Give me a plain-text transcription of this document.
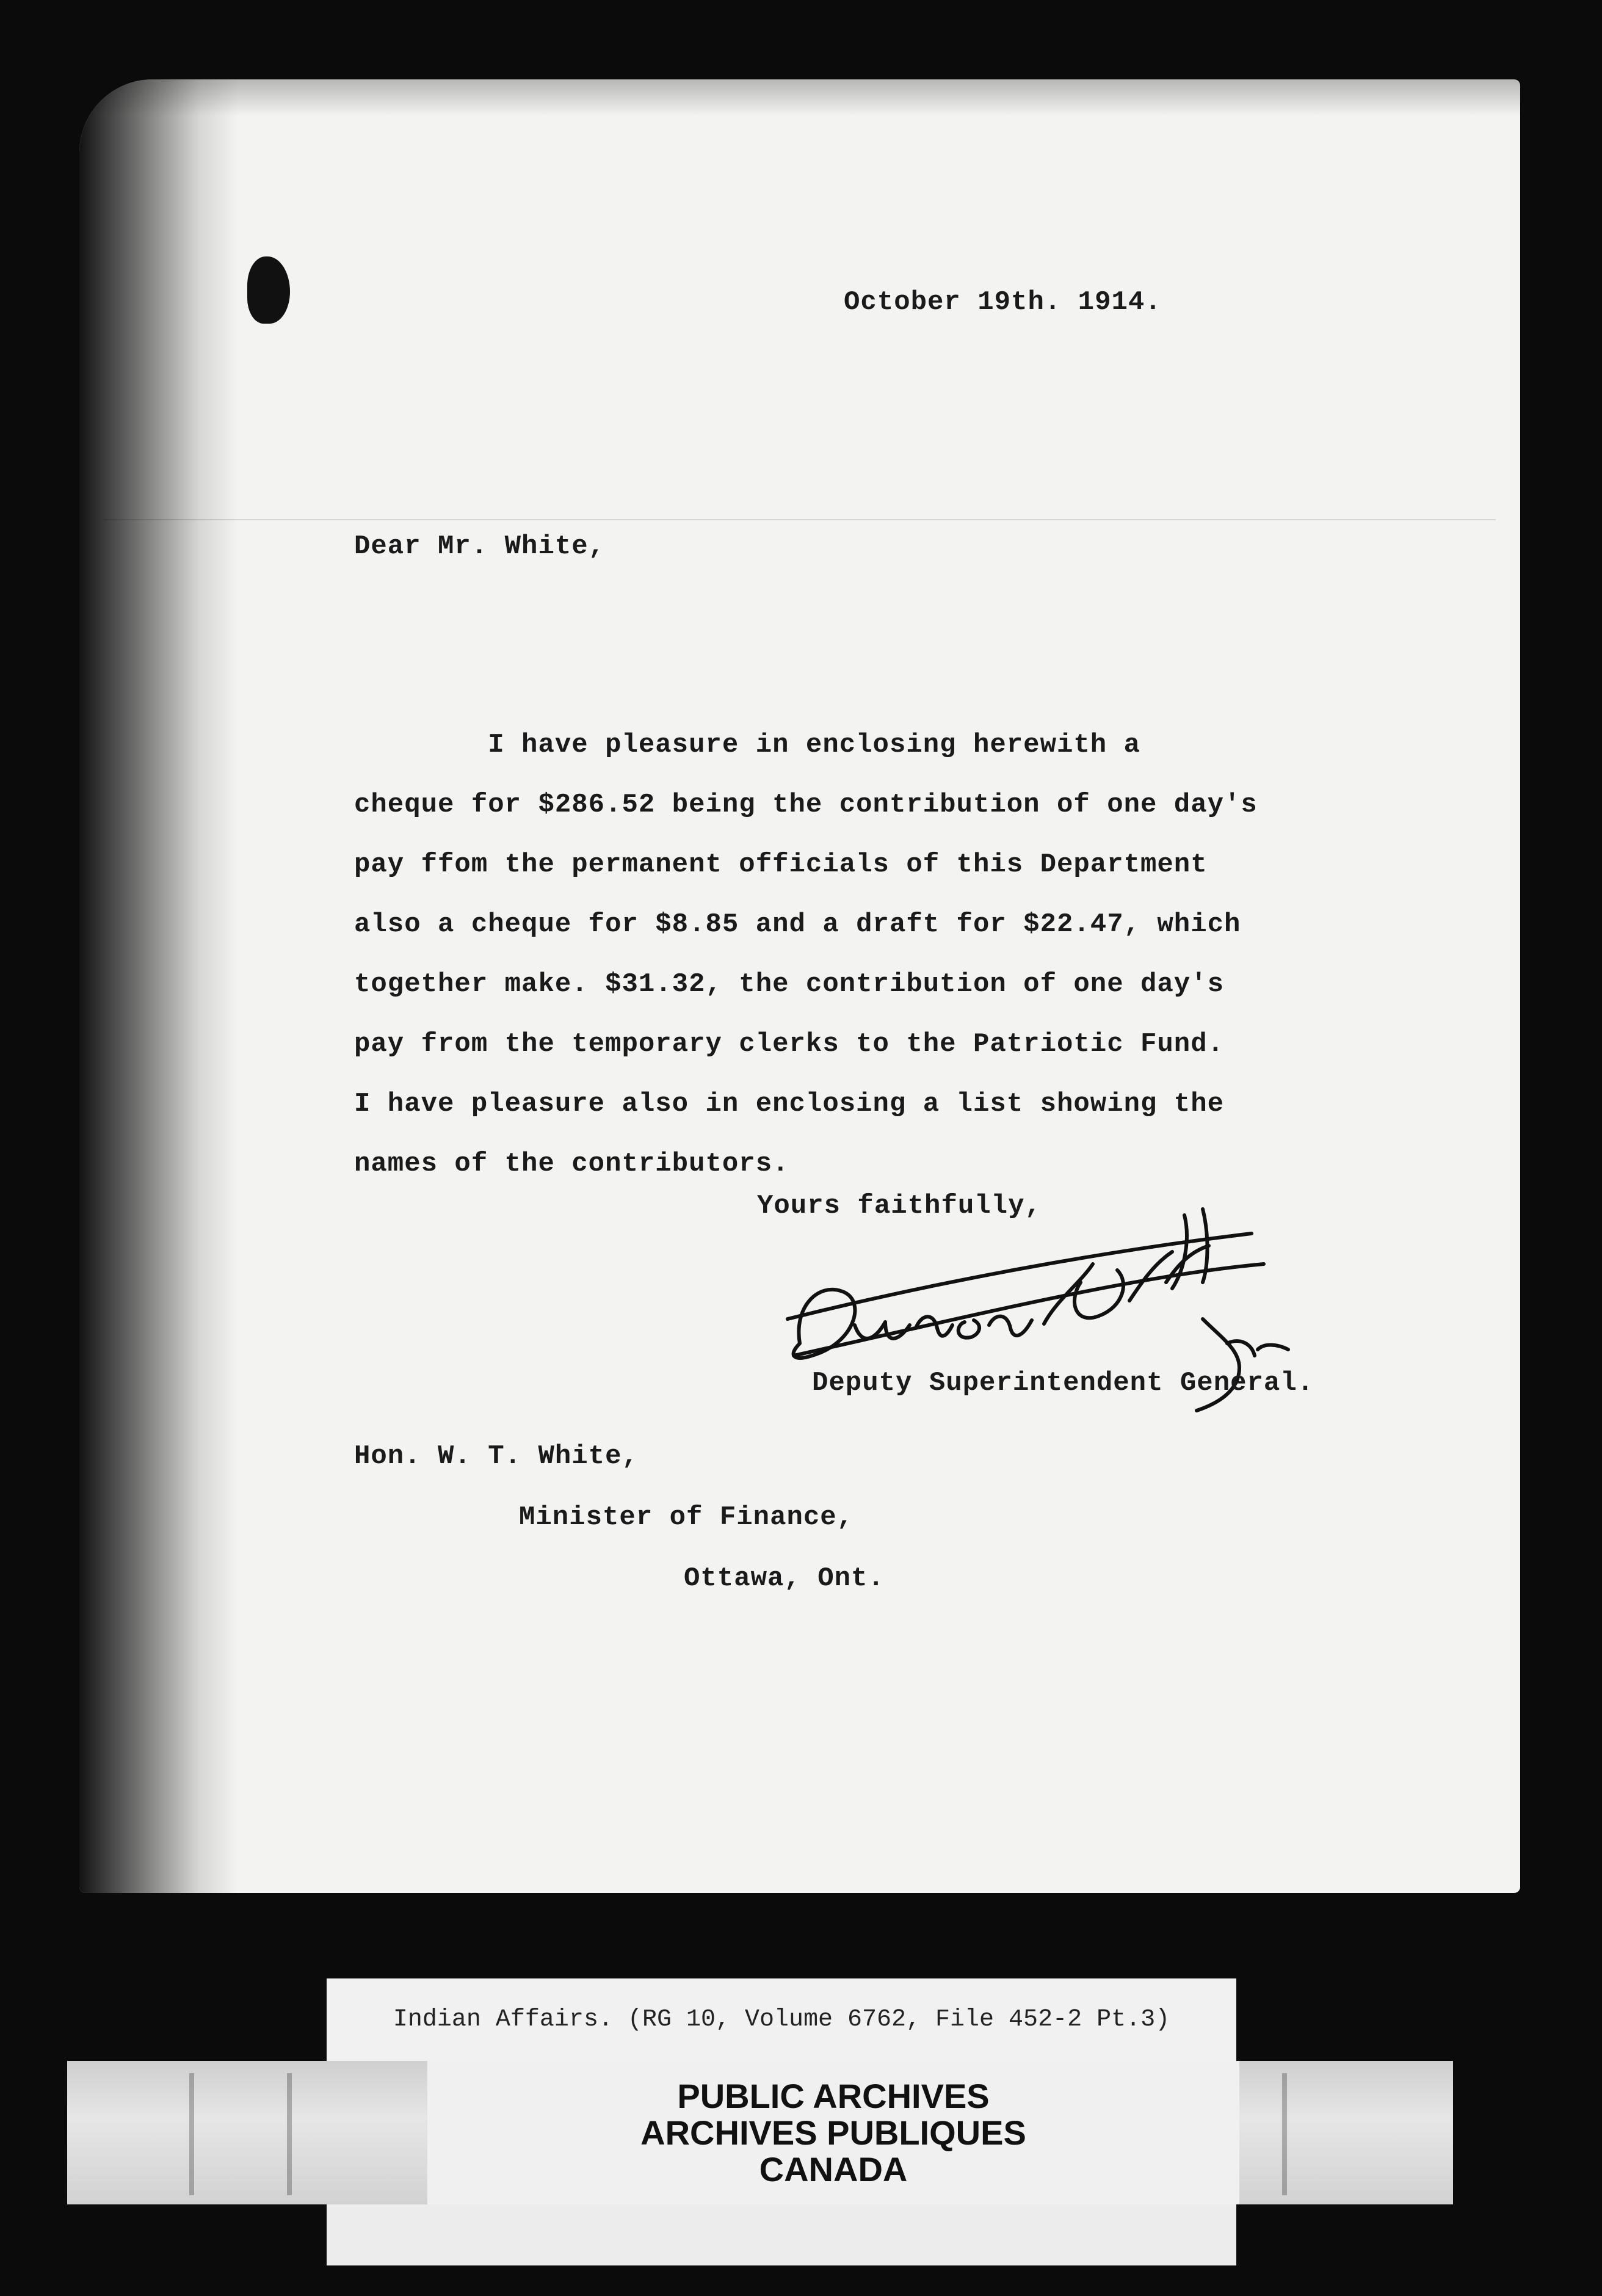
October 19th. 1914.
Dear Mr. White,
I have pleasure in enclosing herewith a
cheque for $286.52 being the contribution of one day's
pay ffom the permanent officials of this Department
also a cheque for $8.85 and a draft for $22.47, which
together make. $31.32, the contribution of one day's
pay from the temporary clerks to the Patriotic Fund.
I have pleasure also in enclosing a list showing the
names of the contributors.
Yours faithfully,
Deputy Superintendent General.
Hon. W. T. White,
Minister of Finance,
Ottawa, Ont.
Indian Affairs. (RG 10, Volume 6762, File 452-2 Pt.3)
PUBLIC ARCHIVES
ARCHIVES PUBLIQUES
CANADA
